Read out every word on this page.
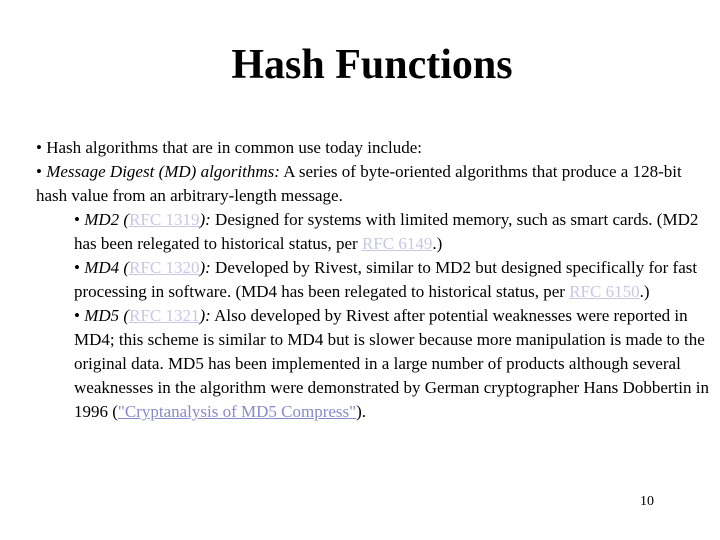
Hash Functions

• Hash algorithms that are in common use today include:

• Message Digest (MD) algorithms: A series of byte-oriented algorithms that produce a 128-bit hash value from an arbitrary-length message.

• MD2 (RFC 1319): Designed for systems with limited memory, such as smart cards. (MD2 has been relegated to historical status, per RFC 6149.)

• MD4 (RFC 1320): Developed by Rivest, similar to MD2 but designed specifically for fast processing in software. (MD4 has been relegated to historical status, per RFC 6150.)

• MD5 (RFC 1321): Also developed by Rivest after potential weaknesses were reported in MD4; this scheme is similar to MD4 but is slower because more manipulation is made to the original data. MD5 has been implemented in a large number of products although several weaknesses in the algorithm were demonstrated by German cryptographer Hans Dobbertin in 1996 ("Cryptanalysis of MD5 Compress").

10
